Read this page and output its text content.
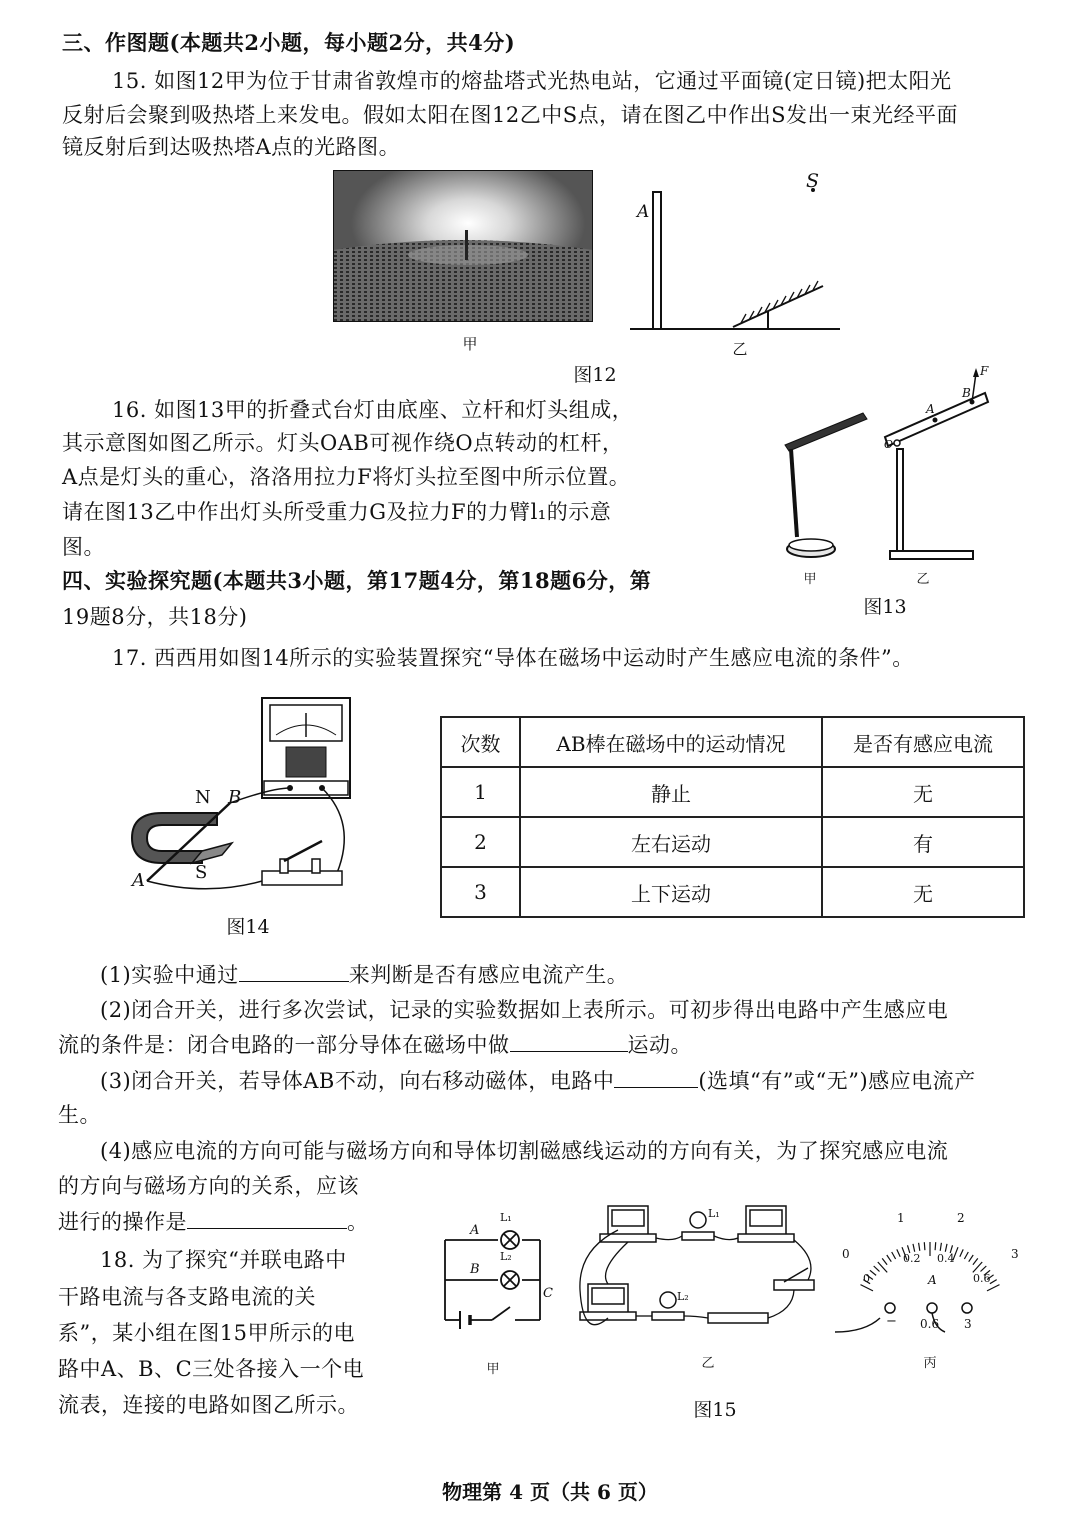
三、作图题(本题共2小题，每小题2分，共4分)
15. 如图12甲为位于甘肃省敦煌市的熔盐塔式光热电站，它通过平面镜(定日镜)把太阳光
反射后会聚到吸热塔上来发电。假如太阳在图12乙中S点，请在图乙中作出S发出一束光经平面
镜反射后到达吸热塔A点的光路图。
甲
A
S
乙
图12
16. 如图13甲的折叠式台灯由底座、立杆和灯头组成，
其示意图如图乙所示。灯头OAB可视作绕O点转动的杠杆，
A点是灯头的重心，洛洛用拉力F将灯头拉至图中所示位置。
请在图13乙中作出灯头所受重力G及拉力F的力臂l₁的示意
图。
甲
F
A
B
O
乙
图13
四、实验探究题(本题共3小题，第17题4分，第18题6分，第
19题8分，共18分)
17. 西西用如图14所示的实验装置探究“导体在磁场中运动时产生感应电流的条件”。
N B
S
A
图14
次数	AB棒在磁场中的运动情况	是否有感应电流
1	静止	无
2	左右运动	有
3	上下运动	无
(1)实验中通过	来判断是否有感应电流产生。
(2)闭合开关，进行多次尝试，记录的实验数据如上表所示。可初步得出电路中产生感应电
流的条件是：闭合电路的一部分导体在磁场中做	运动。
(3)闭合开关，若导体AB不动，向右移动磁体，电路中	(选填“有”或“无”)感应电流产
生。
(4)感应电流的方向可能与磁场方向和导体切割磁感线运动的方向有关，为了探究感应电流
的方向与磁场方向的关系，应该
进行的操作是	。
18. 为了探究“并联电路中
干路电流与各支路电流的关
系”，某小组在图15甲所示的电
路中A、B、C三处各接入一个电
流表，连接的电路如图乙所示。
A
B
C
L₁
L₂
甲
L₁
L₂
乙
图15
0
1	2
3
0
0.2 0.4
0.6
A
− 0.6 3
丙
物理第 4 页（共 6 页）
